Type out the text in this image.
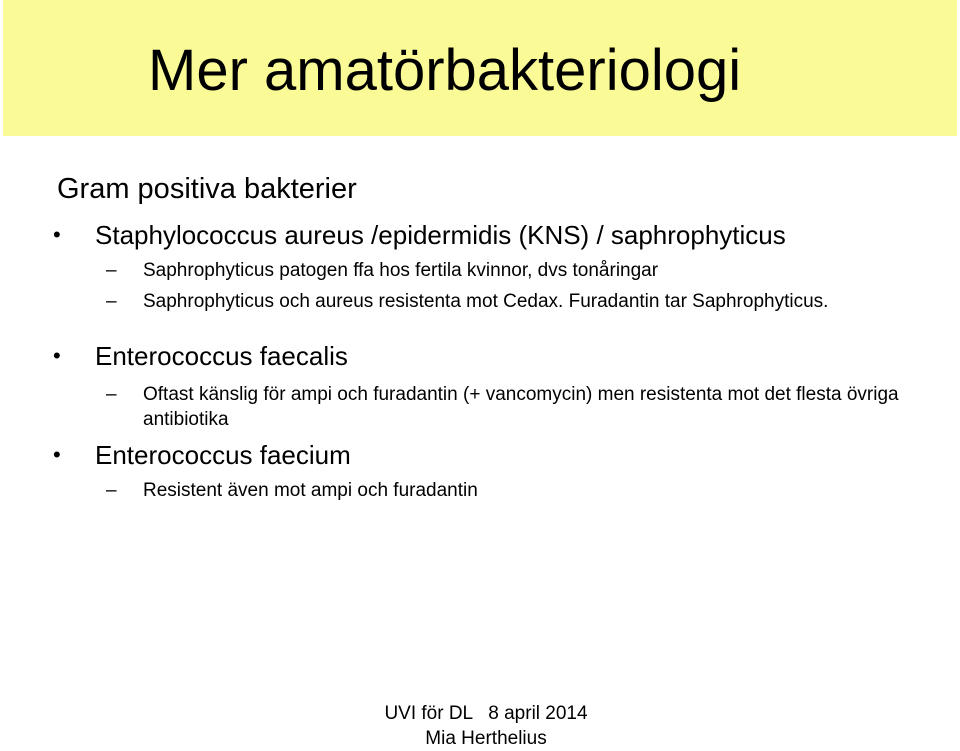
Mer amatörbakteriologi
Gram positiva bakterier
• Staphylococcus aureus /epidermidis (KNS) / saphrophyticus
–	Saphrophyticus patogen ffa hos fertila kvinnor, dvs tonåringar
–	Saphrophyticus och aureus resistenta mot Cedax. Furadantin tar Saphrophyticus.
• Enterococcus faecalis
–	Oftast känslig för ampi och furadantin (+ vancomycin) men resistenta mot det flesta övriga antibiotika
• Enterococcus faecium
–	Resistent även mot ampi och furadantin
UVI för DL   8 april 2014
Mia Herthelius
